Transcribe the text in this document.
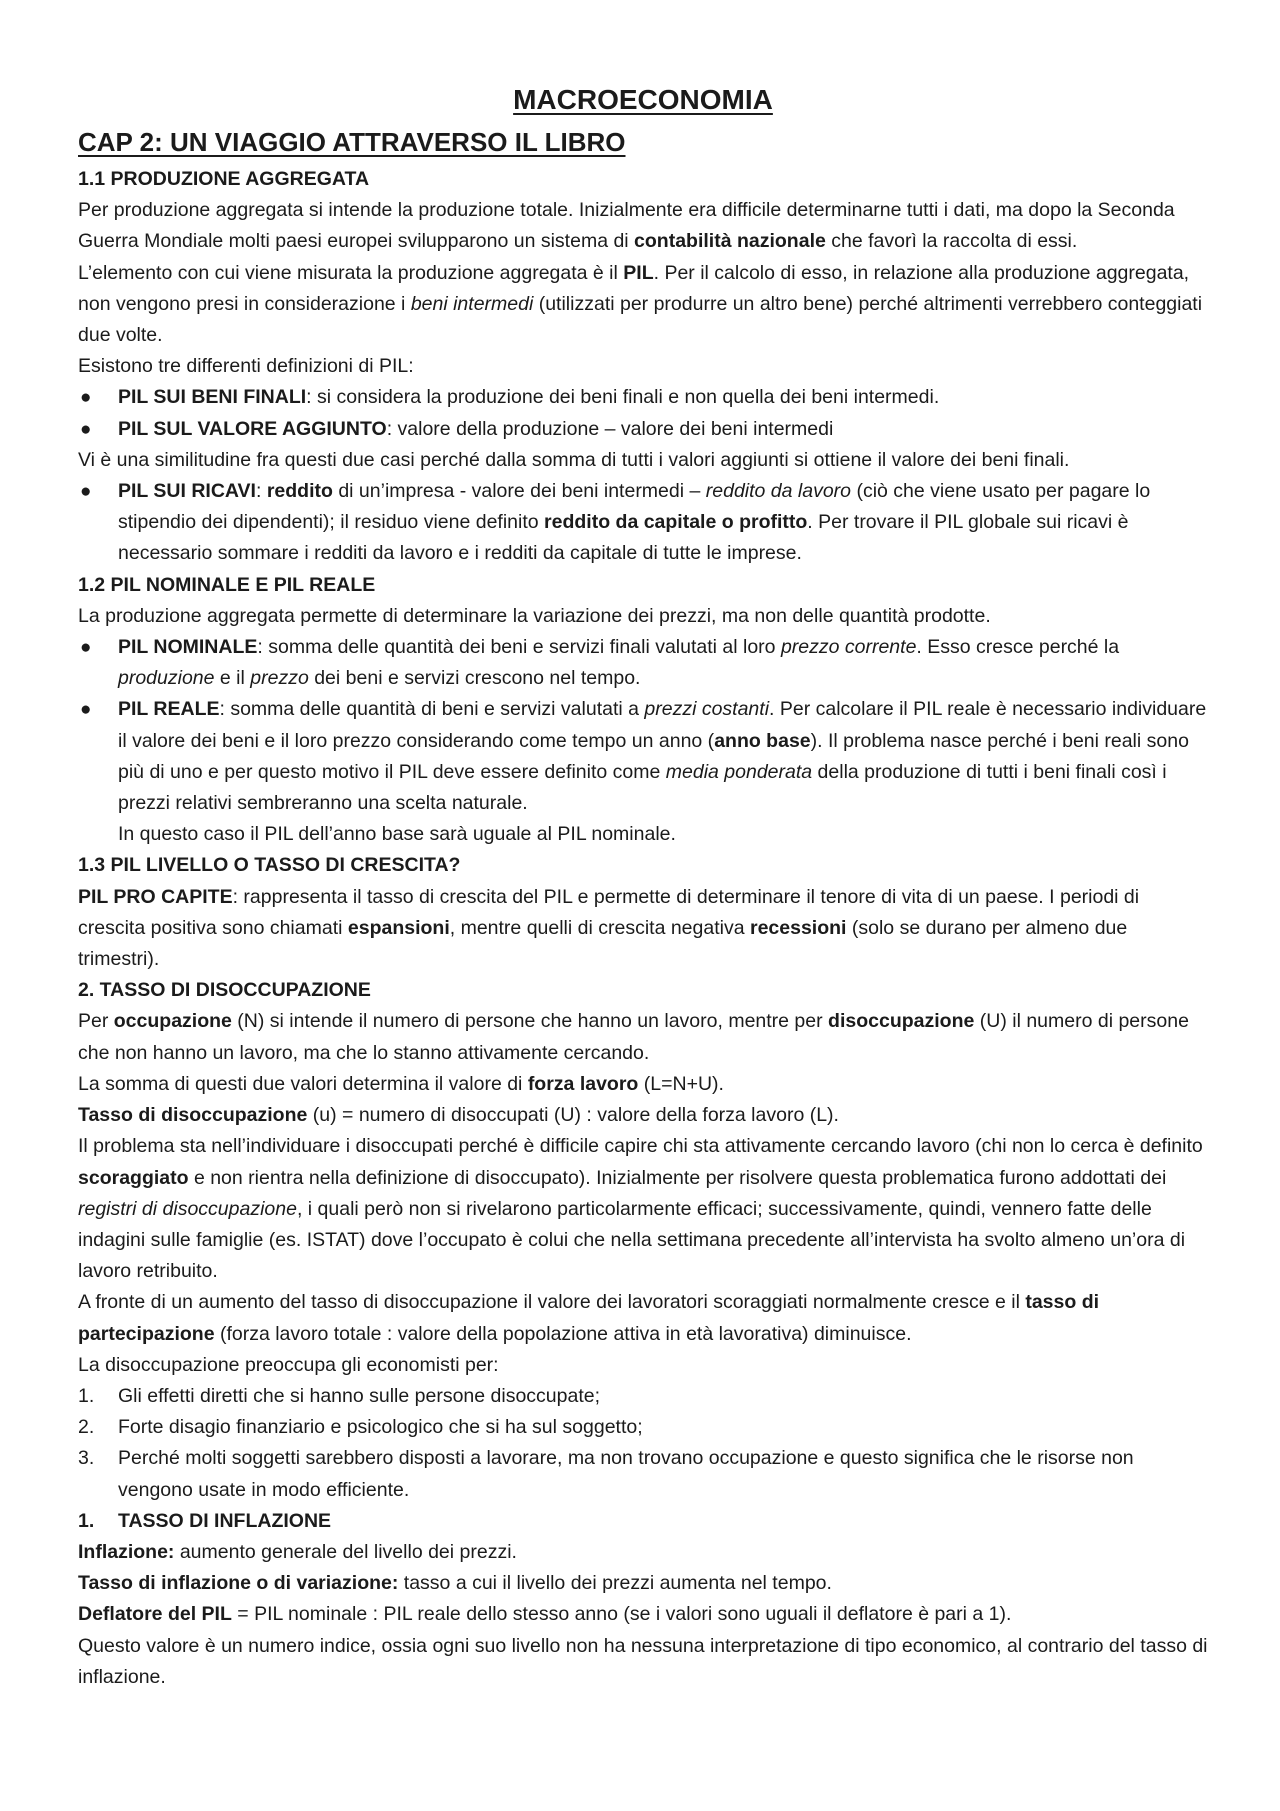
MACROECONOMIA
CAP 2: UN VIAGGIO ATTRAVERSO IL LIBRO
1.1 PRODUZIONE AGGREGATA

Per produzione aggregata si intende la produzione totale. Inizialmente era difficile determinarne tutti i dati, ma dopo la Seconda Guerra Mondiale molti paesi europei svilupparono un sistema di contabilità nazionale che favorì la raccolta di essi.

L’elemento con cui viene misurata la produzione aggregata è il PIL. Per il calcolo di esso, in relazione alla produzione aggregata, non vengono presi in considerazione i beni intermedi (utilizzati per produrre un altro bene) perché altrimenti verrebbero conteggiati due volte.

Esistono tre differenti definizioni di PIL:

● PIL SUI BENI FINALI: si considera la produzione dei beni finali e non quella dei beni intermedi.
● PIL SUL VALORE AGGIUNTO: valore della produzione – valore dei beni intermedi

Vi è una similitudine fra questi due casi perché dalla somma di tutti i valori aggiunti si ottiene il valore dei beni finali.

● PIL SUI RICAVI: reddito di un’impresa - valore dei beni intermedi – reddito da lavoro (ciò che viene usato per pagare lo stipendio dei dipendenti); il residuo viene definito reddito da capitale o profitto. Per trovare il PIL globale sui ricavi è necessario sommare i redditi da lavoro e i redditi da capitale di tutte le imprese.
1.2 PIL NOMINALE E PIL REALE

La produzione aggregata permette di determinare la variazione dei prezzi, ma non delle quantità prodotte.

● PIL NOMINALE: somma delle quantità dei beni e servizi finali valutati al loro prezzo corrente. Esso cresce perché la produzione e il prezzo dei beni e servizi crescono nel tempo.
● PIL REALE: somma delle quantità di beni e servizi valutati a prezzi costanti. Per calcolare il PIL reale è necessario individuare il valore dei beni e il loro prezzo considerando come tempo un anno (anno base). Il problema nasce perché i beni reali sono più di uno e per questo motivo il PIL deve essere definito come media ponderata della produzione di tutti i beni finali così i prezzi relativi sembreranno una scelta naturale.
In questo caso il PIL dell’anno base sarà uguale al PIL nominale.
1.3 PIL LIVELLO O TASSO DI CRESCITA?

PIL PRO CAPITE: rappresenta il tasso di crescita del PIL e permette di determinare il tenore di vita di un paese. I periodi di crescita positiva sono chiamati espansioni, mentre quelli di crescita negativa recessioni (solo se durano per almeno due trimestri).

2. TASSO DI DISOCCUPAZIONE

Per occupazione (N) si intende il numero di persone che hanno un lavoro, mentre per disoccupazione (U) il numero di persone che non hanno un lavoro, ma che lo stanno attivamente cercando.

La somma di questi due valori determina il valore di forza lavoro (L=N+U).

Tasso di disoccupazione (u) = numero di disoccupati (U) : valore della forza lavoro (L).

Il problema sta nell’individuare i disoccupati perché è difficile capire chi sta attivamente cercando lavoro (chi non lo cerca è definito scoraggiato e non rientra nella definizione di disoccupato). Inizialmente per risolvere questa problematica furono addottati dei registri di disoccupazione, i quali però non si rivelarono particolarmente efficaci; successivamente, quindi, vennero fatte delle indagini sulle famiglie (es. ISTAT) dove l’occupato è colui che nella settimana precedente all’intervista ha svolto almeno un’ora di lavoro retribuito.

A fronte di un aumento del tasso di disoccupazione il valore dei lavoratori scoraggiati normalmente cresce e il tasso di partecipazione (forza lavoro totale : valore della popolazione attiva in età lavorativa) diminuisce.

La disoccupazione preoccupa gli economisti per:

1. Gli effetti diretti che si hanno sulle persone disoccupate;
2. Forte disagio finanziario e psicologico che si ha sul soggetto;
3. Perché molti soggetti sarebbero disposti a lavorare, ma non trovano occupazione e questo significa che le risorse non vengono usate in modo efficiente.
1. TASSO DI INFLAZIONE

Inflazione: aumento generale del livello dei prezzi.

Tasso di inflazione o di variazione: tasso a cui il livello dei prezzi aumenta nel tempo.

Deflatore del PIL = PIL nominale : PIL reale dello stesso anno (se i valori sono uguali il deflatore è pari a 1).

Questo valore è un numero indice, ossia ogni suo livello non ha nessuna interpretazione di tipo economico, al contrario del tasso di inflazione.
